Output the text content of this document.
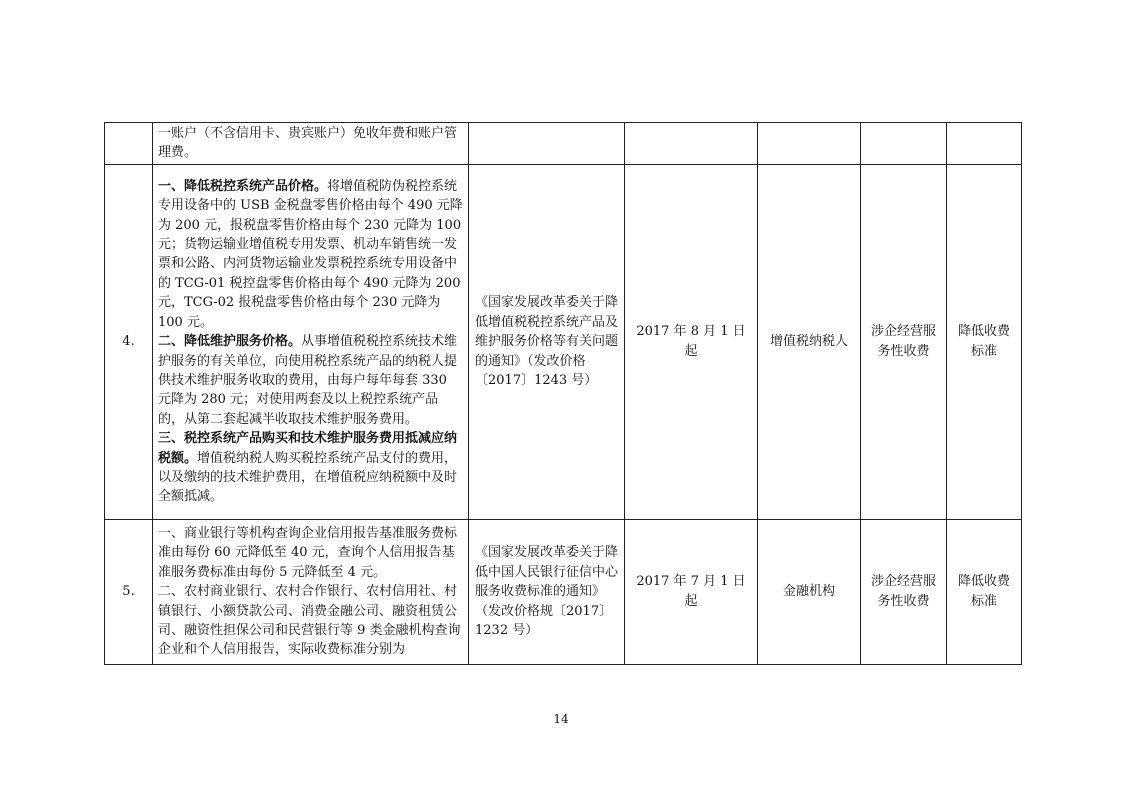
	一账户（不含信用卡、贵宾账户）免收年费和账户管理费。					

4.	一、降低税控系统产品价格。将增值税防伪税控系统专用设备中的 USB 金税盘零售价格由每个 490 元降为 200 元，报税盘零售价格由每个 230 元降为 100 元；货物运输业增值税专用发票、机动车销售统一发票和公路、内河货物运输业发票税控系统专用设备中的 TCG-01 税控盘零售价格由每个 490 元降为 200 元，TCG-02 报税盘零售价格由每个 230 元降为 100 元。

二、降低维护服务价格。从事增值税税控系统技术维护服务的有关单位，向使用税控系统产品的纳税人提供技术维护服务收取的费用，由每户每年每套 330 元降为 280 元；对使用两套及以上税控系统产品的，从第二套起减半收取技术维护服务费用。

三、税控系统产品购买和技术维护服务费用抵减应纳税额。增值税纳税人购买税控系统产品支付的费用，以及缴纳的技术维护费用，在增值税应纳税额中及时全额抵减。	《国家发展改革委关于降低增值税税控系统产品及维护服务价格等有关问题的通知》（发改价格〔2017〕1243 号）	2017 年 8 月 1 日起	增值税纳税人	涉企经营服务性收费	降低收费标准
5.	一、商业银行等机构查询企业信用报告基准服务费标准由每份 60 元降低至 40 元，查询个人信用报告基准服务费标准由每份 5 元降低至 4 元。

二、农村商业银行、农村合作银行、农村信用社、村镇银行、小额贷款公司、消费金融公司、融资租赁公司、融资性担保公司和民营银行等 9 类金融机构查询企业和个人信用报告，实际收费标准分别为	《国家发展改革委关于降低中国人民银行征信中心服务收费标准的通知》（发改价格规〔2017〕1232 号）	2017 年 7 月 1 日起	金融机构	涉企经营服务性收费	降低收费标准
14
